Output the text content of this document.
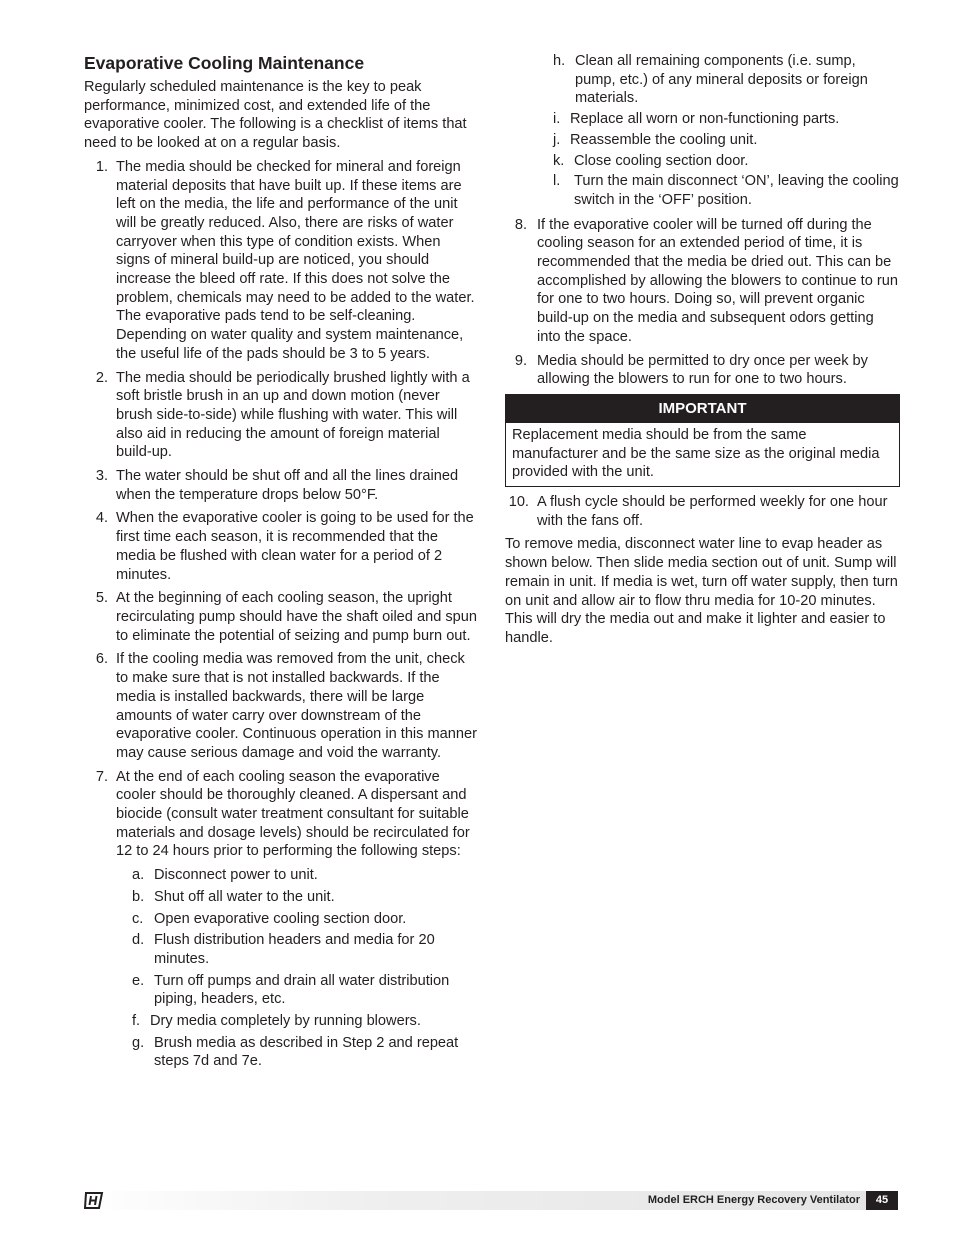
Evaporative Cooling Maintenance

Regularly scheduled maintenance is the key to peak performance, minimized cost, and extended life of the evaporative cooler. The following is a checklist of items that need to be looked at on a regular basis.

1. The media should be checked for mineral and foreign material deposits that have built up. If these items are left on the media, the life and performance of the unit will be greatly reduced. Also, there are risks of water carryover when this type of condition exists. When signs of mineral build-up are noticed, you should increase the bleed off rate. If this does not solve the problem, chemicals may need to be added to the water. The evaporative pads tend to be self-cleaning. Depending on water quality and system maintenance, the useful life of the pads should be 3 to 5 years.
2. The media should be periodically brushed lightly with a soft bristle brush in an up and down motion (never brush side-to-side) while flushing with water. This will also aid in reducing the amount of foreign material build-up.
3. The water should be shut off and all the lines drained when the temperature drops below 50°F.
4. When the evaporative cooler is going to be used for the first time each season, it is recommended that the media be flushed with clean water for a period of 2 minutes.
5. At the beginning of each cooling season, the upright recirculating pump should have the shaft oiled and spun to eliminate the potential of seizing and pump burn out.
6. If the cooling media was removed from the unit, check to make sure that is not installed backwards. If the media is installed backwards, there will be large amounts of water carry over downstream of the evaporative cooler. Continuous operation in this manner may cause serious damage and void the warranty.
7. At the end of each cooling season the evaporative cooler should be thoroughly cleaned. A dispersant and biocide (consult water treatment consultant for suitable materials and dosage levels) should be recirculated for 12 to 24 hours prior to performing the following steps:
a. Disconnect power to unit.
b. Shut off all water to the unit.
c. Open evaporative cooling section door.
d. Flush distribution headers and media for 20 minutes.
e. Turn off pumps and drain all water distribution piping, headers, etc.
f. Dry media completely by running blowers.
g. Brush media as described in Step 2 and repeat steps 7d and 7e.
h. Clean all remaining components (i.e. sump, pump, etc.) of any mineral deposits or foreign materials.
i. Replace all worn or non-functioning parts.
j. Reassemble the cooling unit.
k. Close cooling section door.
l. Turn the main disconnect ‘ON’, leaving the cooling switch in the ‘OFF’ position.
8. If the evaporative cooler will be turned off during the cooling season for an extended period of time, it is recommended that the media be dried out. This can be accomplished by allowing the blowers to continue to run for one to two hours. Doing so, will prevent organic build-up on the media and subsequent odors getting into the space.
9. Media should be permitted to dry once per week by allowing the blowers to run for one to two hours.
IMPORTANT
Replacement media should be from the same manufacturer and be the same size as the original media provided with the unit.
10. A flush cycle should be performed weekly for one hour with the fans off.

To remove media, disconnect water line to evap header as shown below. Then slide media section out of unit. Sump will remain in unit. If media is wet, turn off water supply, then turn on unit and allow air to flow thru media for 10-20 minutes. This will dry the media out and make it lighter and easier to handle.

Model ERCH Energy Recovery Ventilator	45
